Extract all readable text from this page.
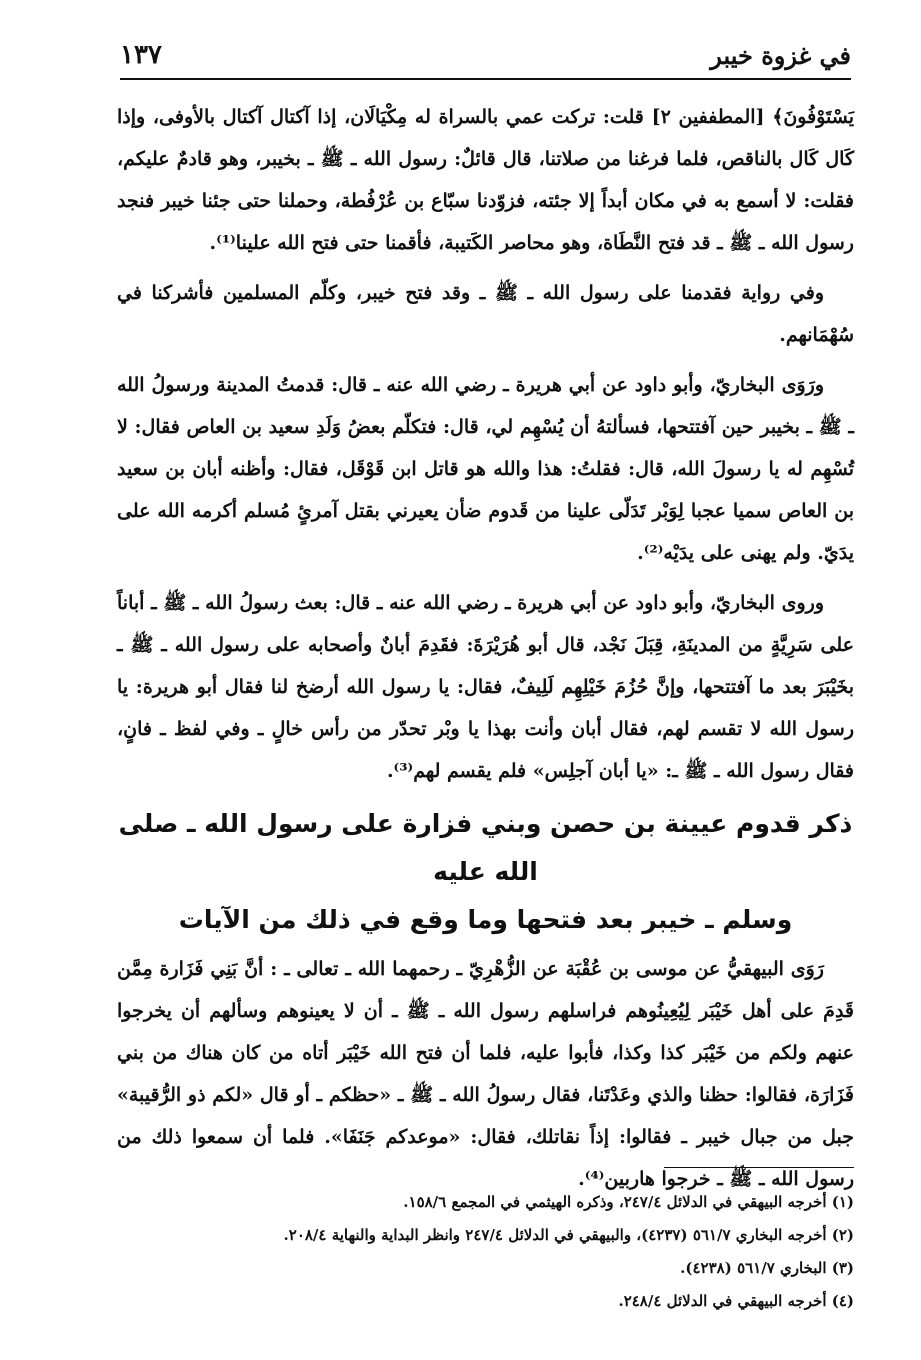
في غزوة خيبر
١٣٧

يَسْتَوْفُونَ﴾ [المطففين ٢] قلت: تركت عمي بالسراة له مِكْيَالَان، إذا آكتال آكتال بالأوفى، وإذا كَال كَال بالناقص، فلما فرغنا من صلاتنا، قال قائلٌ: رسول الله ـ ﷺ ـ بخيبر، وهو قادمٌ عليكم، فقلت: لا أسمع به في مكان أبداً إلا جئته، فزوّدنا سبّاع بن عُرْفُطة، وحملنا حتى جئنا خيبر فنجد رسول الله ـ ﷺ ـ قد فتح النَّطَاة، وهو محاصر الكَتيبة، فأقمنا حتى فتح الله علينا⁽¹⁾.

وفي رواية فقدمنا على رسول الله ـ ﷺ ـ وقد فتح خيبر، وكلّم المسلمين فأشركنا في سُهْمَانهم.

ورَوَى البخاريّ، وأبو داود عن أبي هريرة ـ رضي الله عنه ـ قال: قدمتُ المدينة ورسولُ الله ـ ﷺ ـ بخيبر حين آفتتحها، فسألتهُ أن يُسْهِم لي، قال: فتكلّم بعضُ وَلَدِ سعيد بن العاص فقال: لا تُسْهِم له يا رسولَ الله، قال: فقلتُ: هذا والله هو قاتل ابن قَوْقَل، فقال: وأظنه أبان بن سعيد بن العاص سميا عجبا لِوَبْر تَدَلّى علينا من قَدوم ضأن يعيرني بقتل آمرئٍ مُسلم أكرمه الله على يدَيّ. ولم يهنى على يدَيْه⁽²⁾.

وروى البخاريّ، وأبو داود عن أبي هريرة ـ رضي الله عنه ـ قال: بعث رسولُ الله ـ ﷺ ـ أباناً على سَرِيَّةٍ من المدينَةِ، قِبَلَ نَجْد، قال أبو هُرَيْرَةَ: فقَدِمَ أبانٌ وأصحابه على رسول الله ـ ﷺ ـ بخَيْبَرَ بعد ما آفتتحها، وإنَّ حُزُمَ خَيْلِهِم لَلِيفٌ، فقال: يا رسول الله أرضخ لنا فقال أبو هريرة: يا رسول الله لا تقسم لهم، فقال أبان وأنت بهذا يا وبْر تحدّر من رأس خالٍ ـ وفي لفظ ـ فانٍ، فقال رسول الله ـ ﷺ ـ: «يا أبان آجلِس» فلم يقسم لهم⁽³⁾.

ذكر قدوم عيينة بن حصن وبني فزارة على رسول الله ـ صلى الله عليه
وسلم ـ خيبر بعد فتحها وما وقع في ذلك من الآيات

رَوَى البيهقيُّ عن موسى بن عُقْبَة عن الزُّهْرِيّ ـ رحمهما الله ـ تعالى ـ : أنَّ بَنِي فَزَارة مِمَّن قَدِمَ على أهل خَيْبَر لِيُعِينُوهم فراسلهم رسول الله ـ ﷺ ـ أن لا يعينوهم وسألهم أن يخرجوا عنهم ولكم من خَيْبَر كذا وكذا، فأبوا عليه، فلما أن فتح الله خَيْبَر أتاه من كان هناك من بني فَزَارَة، فقالوا: حظنا والذي وعَدْتَنا، فقال رسولُ الله ـ ﷺ ـ «حظكم ـ أو قال «لكم ذو الرُّقيبة» جبل من جبال خيبر ـ فقالوا: إذاً نقاتلك، فقال: «موعدكم جَنَفَا». فلما أن سمعوا ذلك من رسول الله ـ ﷺ ـ خرجوا هاربين⁽⁴⁾.

(١) أخرجه البيهقي في الدلائل ٢٤٧/٤، وذكره الهيثمي في المجمع ١٥٨/٦.
(٢) أخرجه البخاري ٥٦١/٧ (٤٢٣٧)، والبيهقي في الدلائل ٢٤٧/٤ وانظر البداية والنهاية ٢٠٨/٤.
(٣) البخاري ٥٦١/٧ (٤٢٣٨).
(٤) أخرجه البيهقي في الدلائل ٢٤٨/٤.
